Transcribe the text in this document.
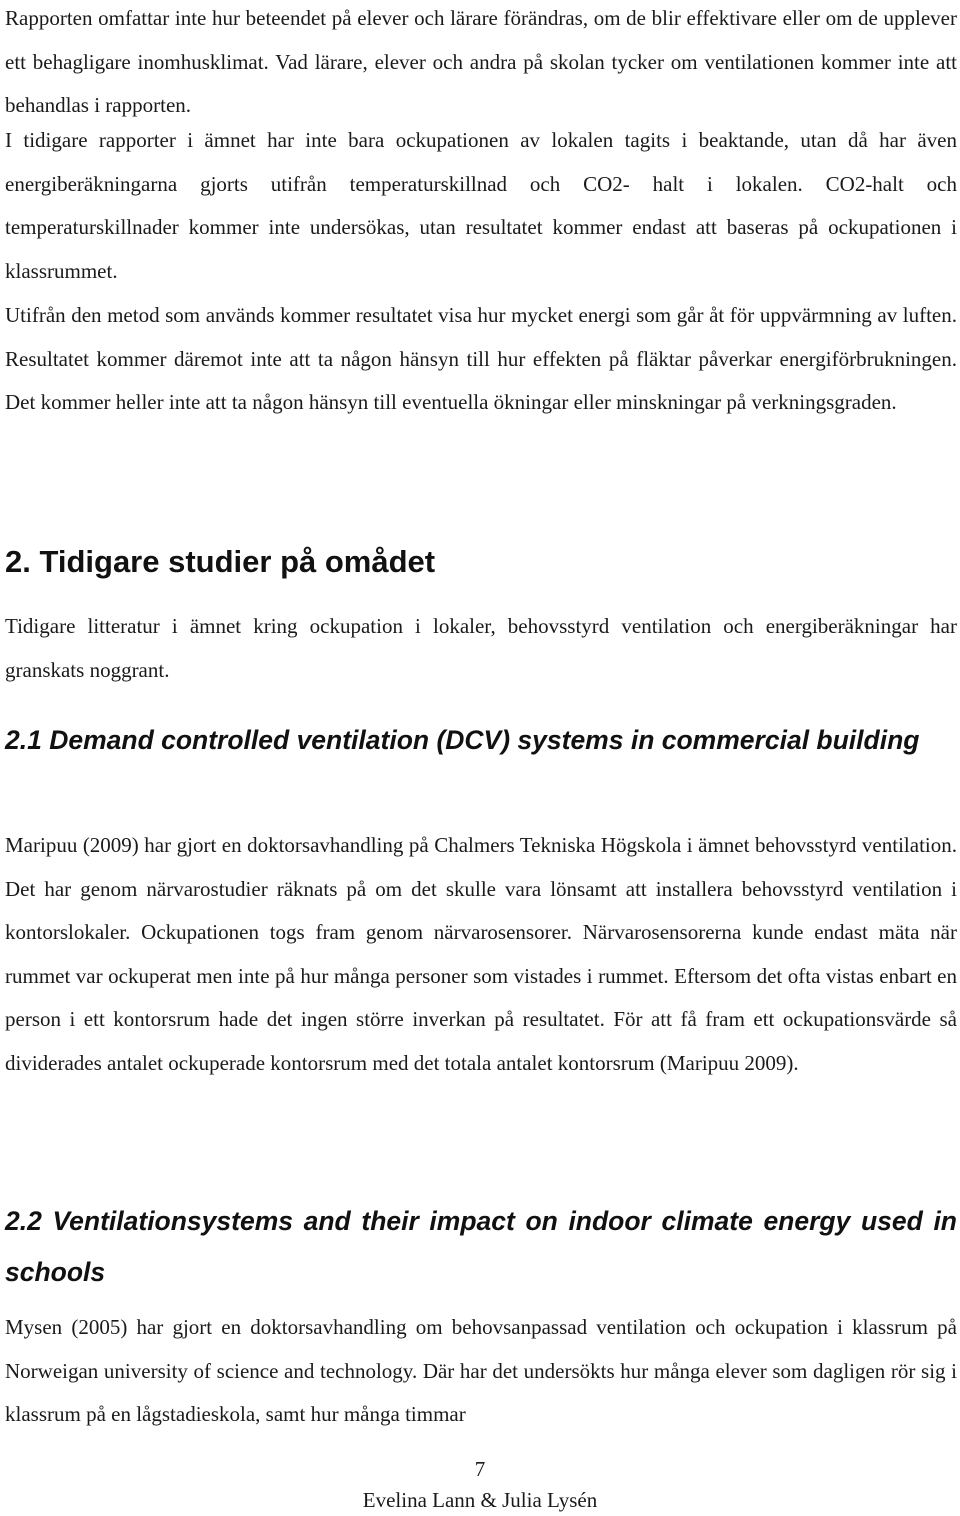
Rapporten omfattar inte hur beteendet på elever och lärare förändras, om de blir effektivare eller om de upplever ett behagligare inomhusklimat. Vad lärare, elever och andra på skolan tycker om ventilationen kommer inte att behandlas i rapporten.

I tidigare rapporter i ämnet har inte bara ockupationen av lokalen tagits i beaktande, utan då har även energiberäkningarna gjorts utifrån temperaturskillnad och CO2- halt i lokalen. CO2-halt och temperaturskillnader kommer inte undersökas, utan resultatet kommer endast att baseras på ockupationen i klassrummet.

Utifrån den metod som används kommer resultatet visa hur mycket energi som går åt för uppvärmning av luften. Resultatet kommer däremot inte att ta någon hänsyn till hur effekten på fläktar påverkar energiförbrukningen. Det kommer heller inte att ta någon hänsyn till eventuella ökningar eller minskningar på verkningsgraden.

2. Tidigare studier på omådet

Tidigare litteratur i ämnet kring ockupation i lokaler, behovsstyrd ventilation och energiberäkningar har granskats noggrant.

2.1 Demand controlled ventilation (DCV) systems in commercial building

Maripuu (2009) har gjort en doktorsavhandling på Chalmers Tekniska Högskola i ämnet behovsstyrd ventilation. Det har genom närvarostudier räknats på om det skulle vara lönsamt att installera behovsstyrd ventilation i kontorslokaler. Ockupationen togs fram genom närvarosensorer. Närvarosensorerna kunde endast mäta när rummet var ockuperat men inte på hur många personer som vistades i rummet. Eftersom det ofta vistas enbart en person i ett kontorsrum hade det ingen större inverkan på resultatet. För att få fram ett ockupationsvärde så dividerades antalet ockuperade kontorsrum med det totala antalet kontorsrum (Maripuu 2009).

2.2 Ventilationsystems and their impact on indoor climate energy used in schools

Mysen (2005) har gjort en doktorsavhandling om behovsanpassad ventilation och ockupation i klassrum på Norweigan university of science and technology. Där har det undersökts hur många elever som dagligen rör sig i klassrum på en lågstadieskola, samt hur många timmar

7
Evelina Lann & Julia Lysén
